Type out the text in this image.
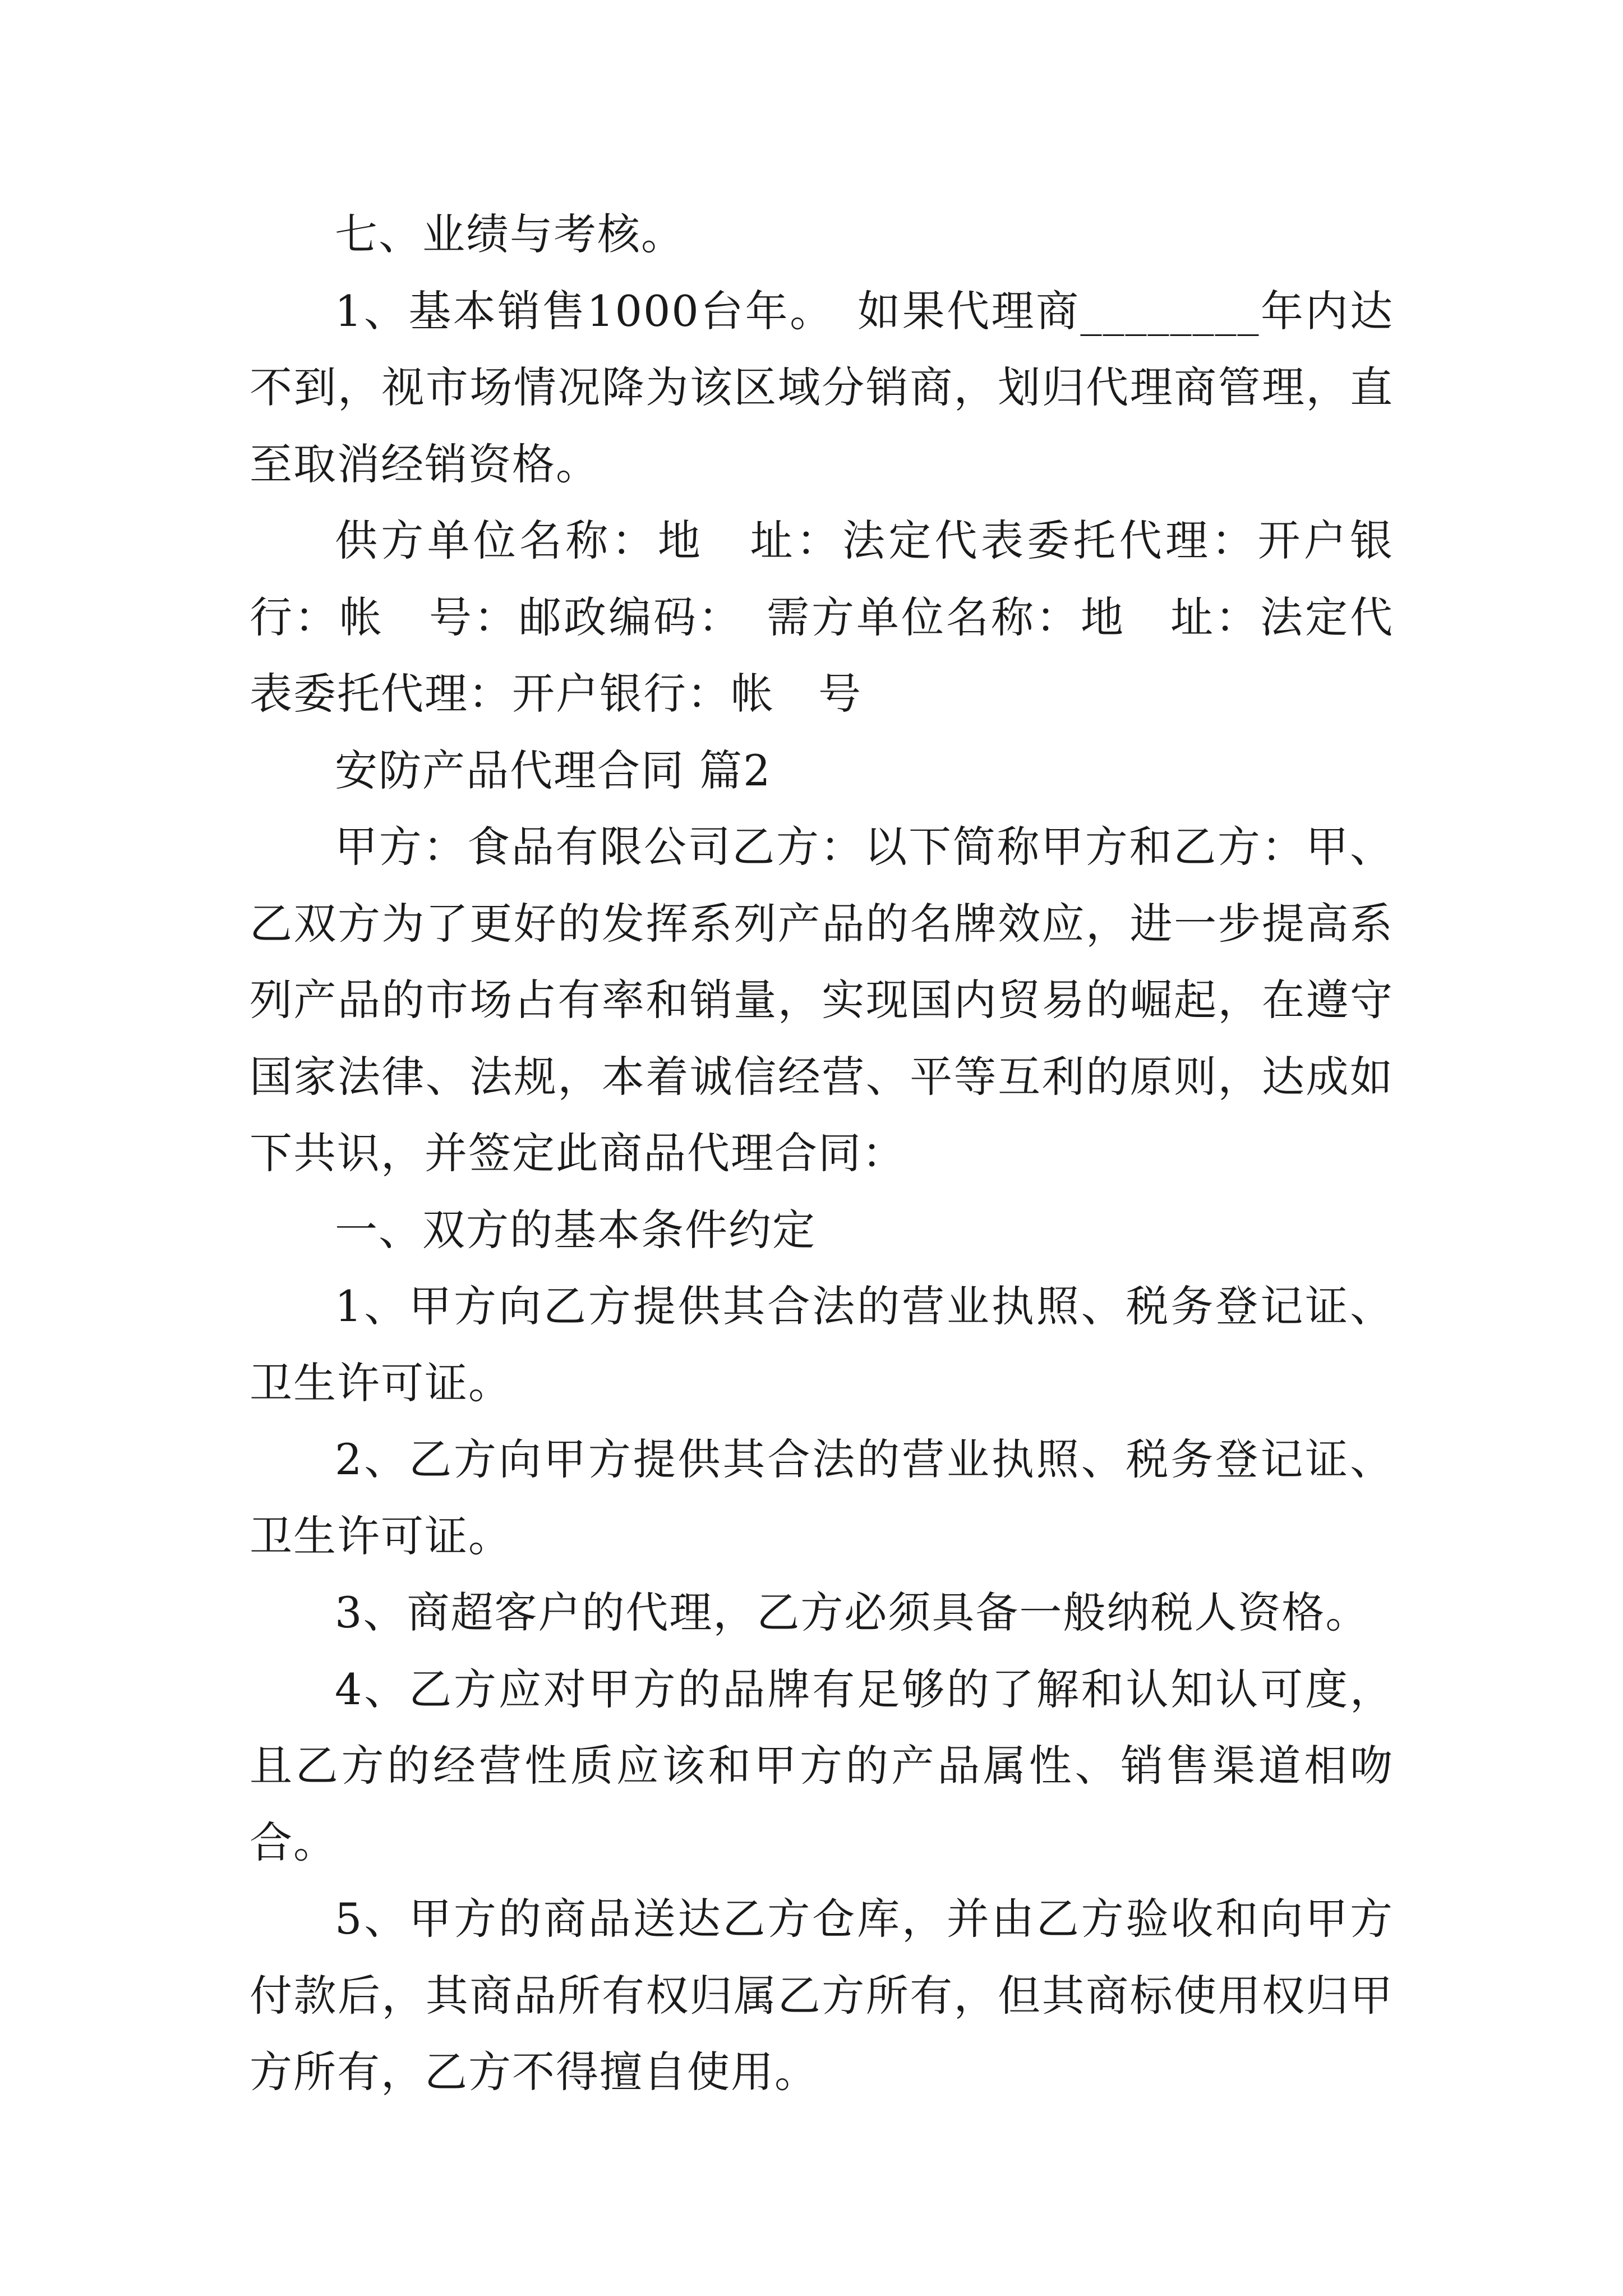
七、业绩与考核。

1、基本销售1000台年。　如果代理商________年内达不到，视市场情况降为该区域分销商，划归代理商管理，直至取消经销资格。

供方单位名称：地　址：法定代表委托代理：开户银行：帐　号：邮政编码：　需方单位名称：地　址：法定代表委托代理：开户银行：帐　号

安防产品代理合同 篇2

甲方：食品有限公司乙方：以下简称甲方和乙方：甲、乙双方为了更好的发挥系列产品的名牌效应，进一步提高系列产品的市场占有率和销量，实现国内贸易的崛起，在遵守国家法律、法规，本着诚信经营、平等互利的原则，达成如下共识，并签定此商品代理合同：

一、双方的基本条件约定

1、甲方向乙方提供其合法的营业执照、税务登记证、卫生许可证。

2、乙方向甲方提供其合法的营业执照、税务登记证、卫生许可证。

3、商超客户的代理，乙方必须具备一般纳税人资格。

4、乙方应对甲方的品牌有足够的了解和认知认可度，且乙方的经营性质应该和甲方的产品属性、销售渠道相吻合。

5、甲方的商品送达乙方仓库，并由乙方验收和向甲方付款后，其商品所有权归属乙方所有，但其商标使用权归甲方所有，乙方不得擅自使用。
